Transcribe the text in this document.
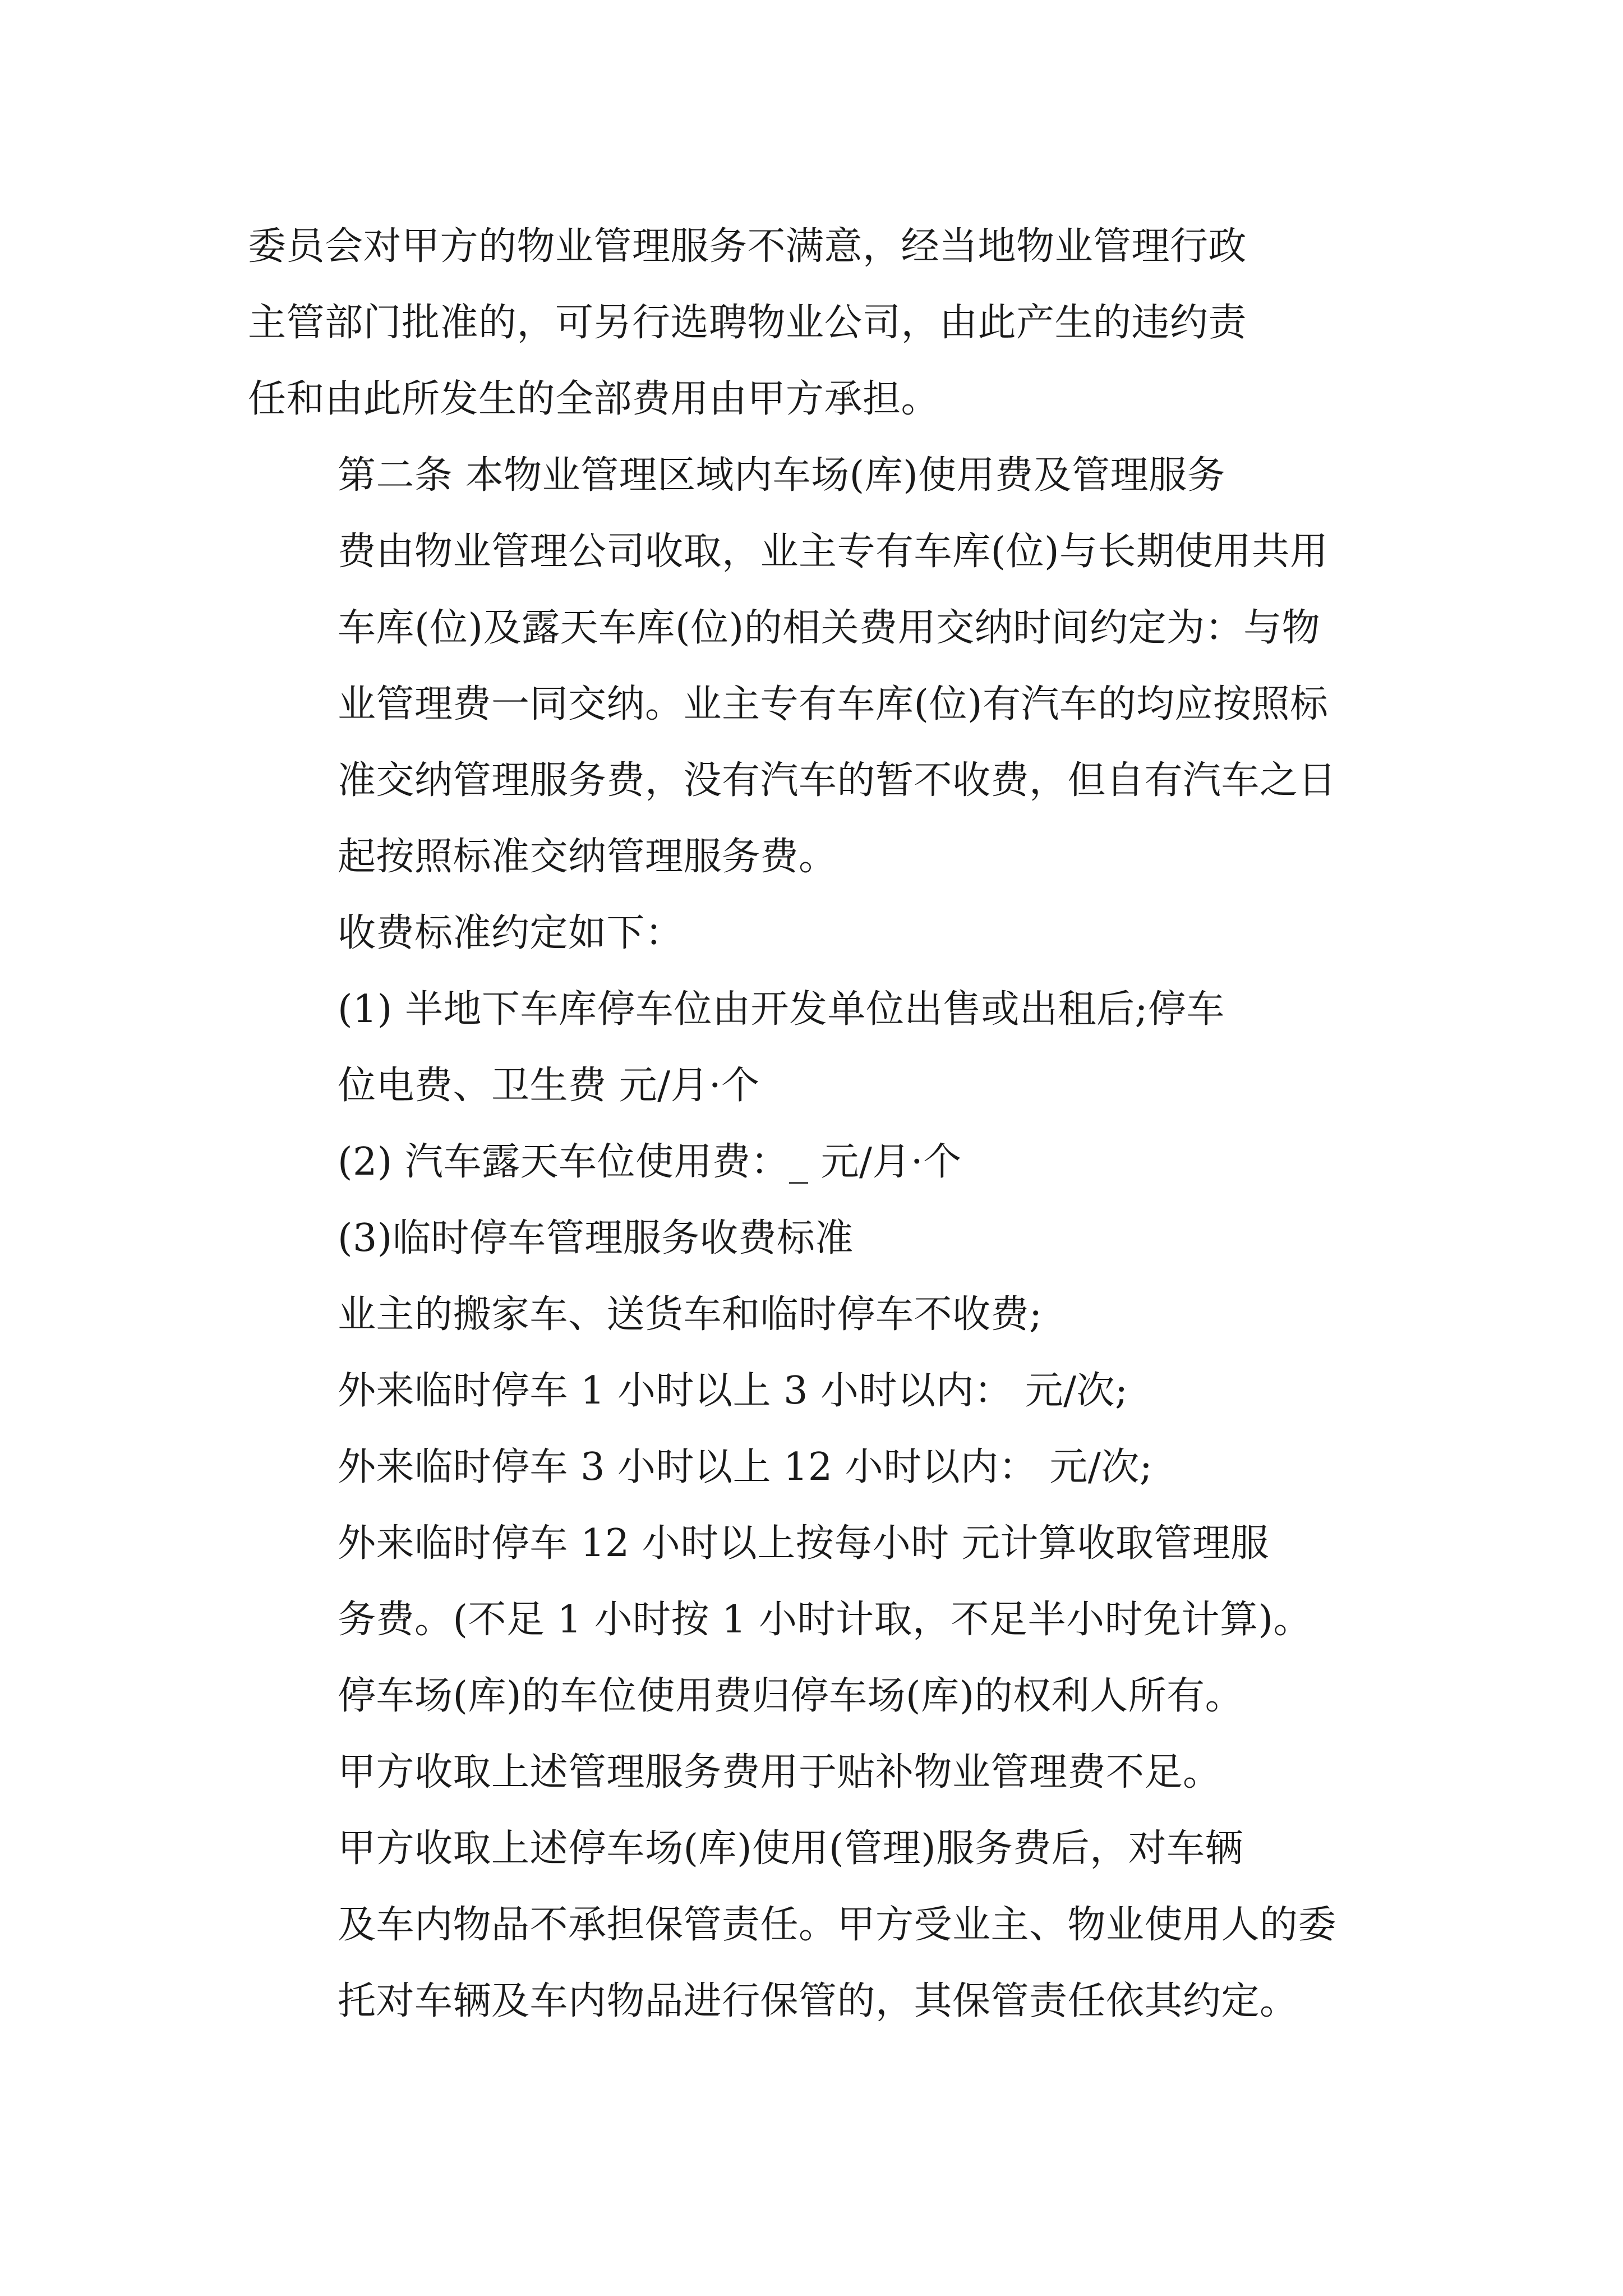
委员会对甲方的物业管理服务不满意，经当地物业管理行政
主管部门批准的，可另行选聘物业公司，由此产生的违约责
任和由此所发生的全部费用由甲方承担。

第二条 本物业管理区域内车场(库)使用费及管理服务
费由物业管理公司收取，业主专有车库(位)与长期使用共用
车库(位)及露天车库(位)的相关费用交纳时间约定为：与物
业管理费一同交纳。业主专有车库(位)有汽车的均应按照标
准交纳管理服务费，没有汽车的暂不收费，但自有汽车之日
起按照标准交纳管理服务费。

收费标准约定如下：

(1) 半地下车库停车位由开发单位出售或出租后;停车
位电费、卫生费 元/月·个

(2) 汽车露天车位使用费：_ 元/月·个

(3)临时停车管理服务收费标准

业主的搬家车、送货车和临时停车不收费;

外来临时停车 1 小时以上 3 小时以内： 元/次;

外来临时停车 3 小时以上 12 小时以内： 元/次;

外来临时停车 12 小时以上按每小时 元计算收取管理服
务费。(不足 1 小时按 1 小时计取，不足半小时免计算)。

停车场(库)的车位使用费归停车场(库)的权利人所有。

甲方收取上述管理服务费用于贴补物业管理费不足。

甲方收取上述停车场(库)使用(管理)服务费后，对车辆
及车内物品不承担保管责任。甲方受业主、物业使用人的委
托对车辆及车内物品进行保管的，其保管责任依其约定。
